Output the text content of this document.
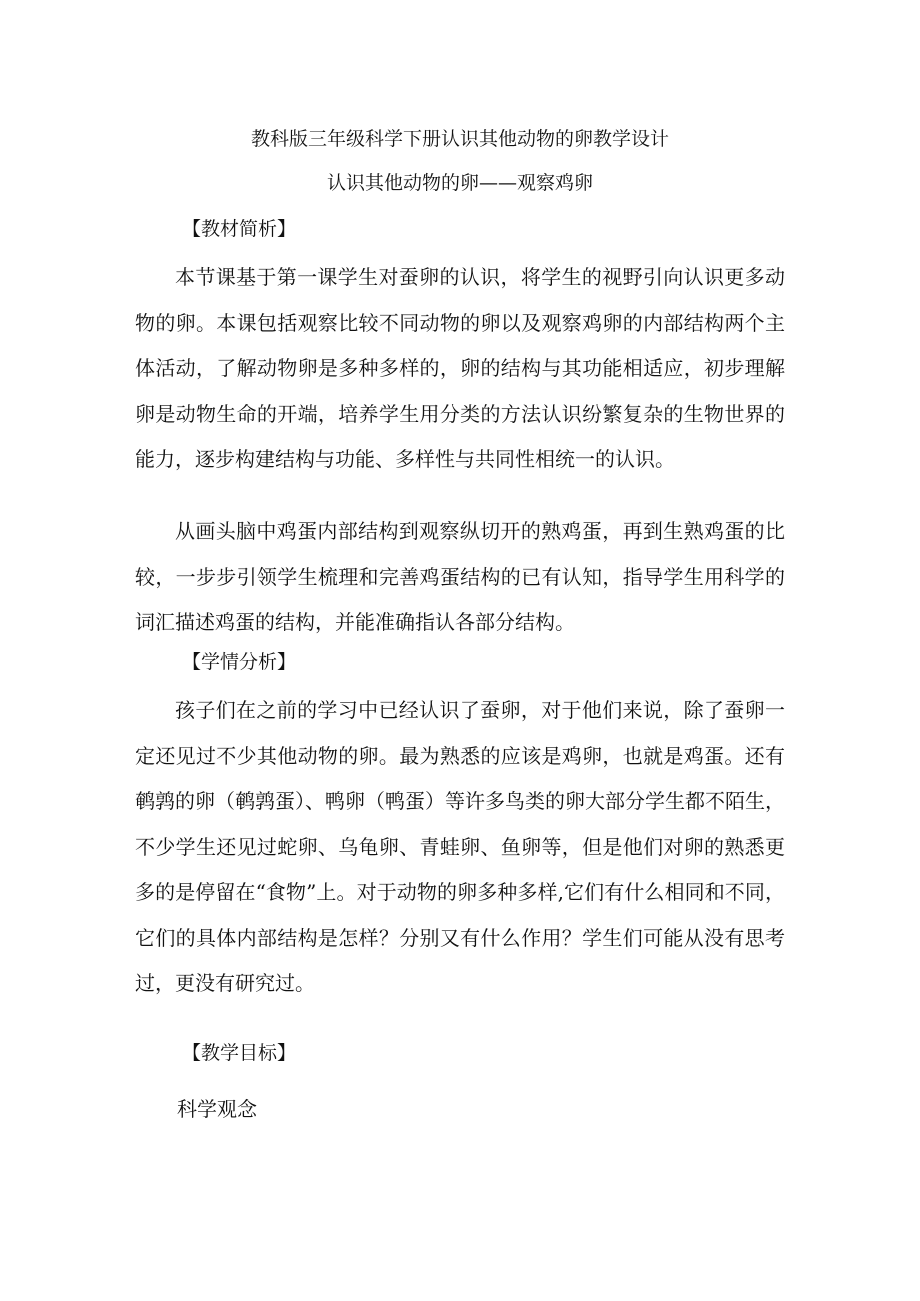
教科版三年级科学下册认识其他动物的卵教学设计
认识其他动物的卵——观察鸡卵
【教材简析】

本节课基于第一课学生对蚕卵的认识，将学生的视野引向认识更多动物的卵。本课包括观察比较不同动物的卵以及观察鸡卵的内部结构两个主体活动，了解动物卵是多种多样的，卵的结构与其功能相适应，初步理解卵是动物生命的开端，培养学生用分类的方法认识纷繁复杂的生物世界的能力，逐步构建结构与功能、多样性与共同性相统一的认识。

从画头脑中鸡蛋内部结构到观察纵切开的熟鸡蛋，再到生熟鸡蛋的比较，一步步引领学生梳理和完善鸡蛋结构的已有认知，指导学生用科学的词汇描述鸡蛋的结构，并能准确指认各部分结构。

【学情分析】

孩子们在之前的学习中已经认识了蚕卵，对于他们来说，除了蚕卵一定还见过不少其他动物的卵。最为熟悉的应该是鸡卵，也就是鸡蛋。还有鹌鹑的卵（鹌鹑蛋）、鸭卵（鸭蛋）等许多鸟类的卵大部分学生都不陌生，不少学生还见过蛇卵、乌龟卵、青蛙卵、鱼卵等，但是他们对卵的熟悉更多的是停留在“食物”上。对于动物的卵多种多样,它们有什么相同和不同，它们的具体内部结构是怎样？分别又有什么作用？学生们可能从没有思考过，更没有研究过。

【教学目标】
科学观念
